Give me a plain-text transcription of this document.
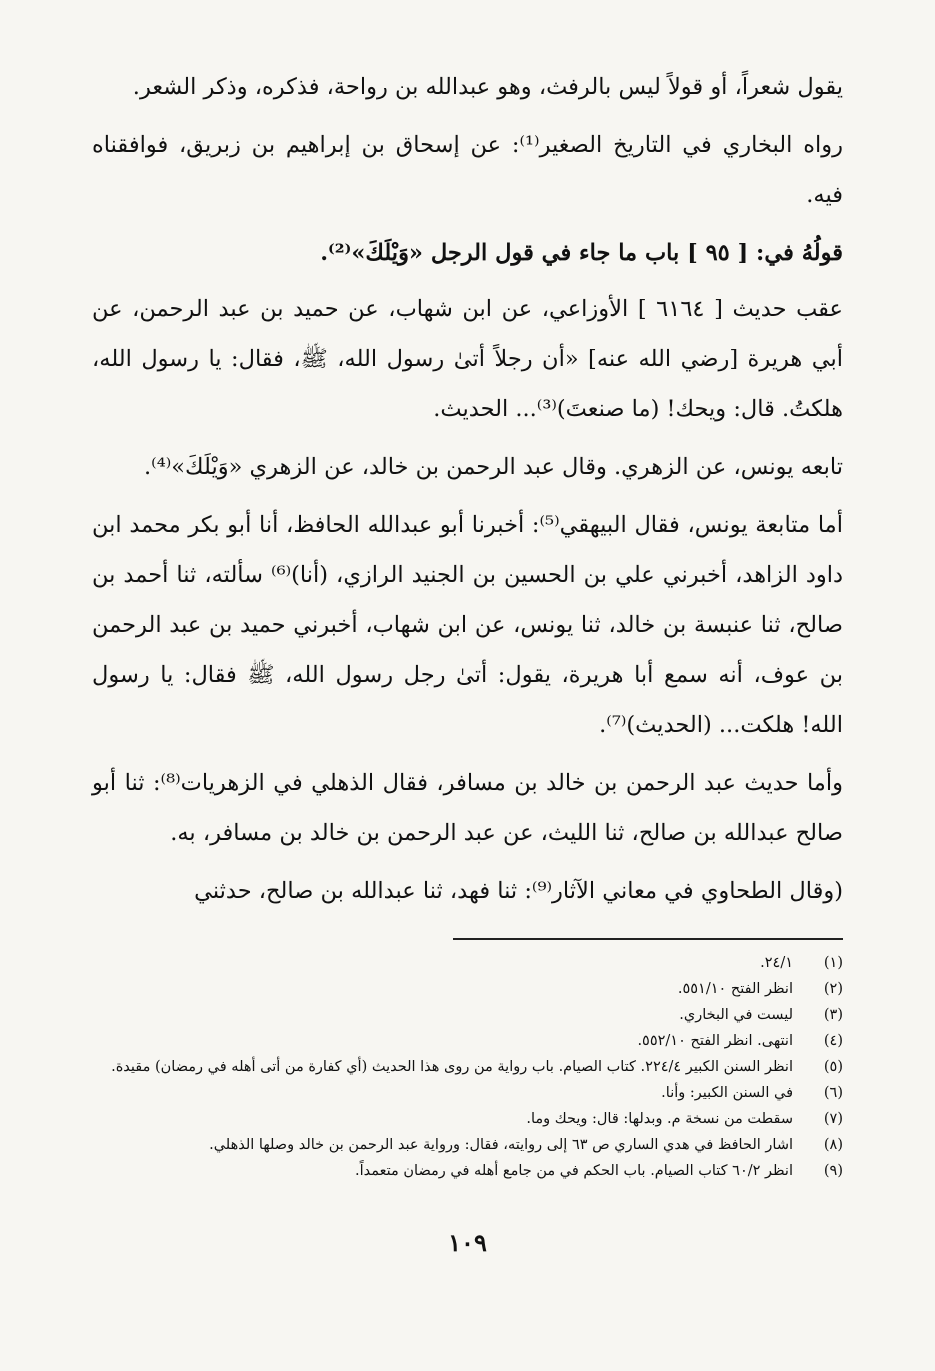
يقول شعراً، أو قولاً ليس بالرفث، وهو عبدالله بن رواحة، فذكره، وذكر الشعر.

رواه البخاري في التاريخ الصغير⁽¹⁾: عن إسحاق بن إبراهيم بن زبريق، فوافقناه فيه.

قولُهُ في: [ ٩٥ ] باب ما جاء في قول الرجل «وَيْلَكَ»⁽²⁾.

عقب حديث [ ٦١٦٤ ] الأوزاعي، عن ابن شهاب، عن حميد بن عبد الرحمن، عن أبي هريرة [رضي الله عنه] «أن رجلاً أتىٰ رسول الله، ﷺ، فقال: يا رسول الله، هلكتُ. قال: ويحك! (ما صنعتَ)⁽³⁾... الحديث.

تابعه يونس، عن الزهري. وقال عبد الرحمن بن خالد، عن الزهري «وَيْلَكَ»⁽⁴⁾.

أما متابعة يونس، فقال البيهقي⁽⁵⁾: أخبرنا أبو عبدالله الحافظ، أنا أبو بكر محمد ابن داود الزاهد، أخبرني علي بن الحسين بن الجنيد الرازي، (أنا)⁽⁶⁾ سألته، ثنا أحمد بن صالح، ثنا عنبسة بن خالد، ثنا يونس، عن ابن شهاب، أخبرني حميد بن عبد الرحمن بن عوف، أنه سمع أبا هريرة، يقول: أتىٰ رجل رسول الله، ﷺ فقال: يا رسول الله! هلكت... (الحديث)⁽⁷⁾.

وأما حديث عبد الرحمن بن خالد بن مسافر، فقال الذهلي في الزهريات⁽⁸⁾: ثنا أبو صالح عبدالله بن صالح، ثنا الليث، عن عبد الرحمن بن خالد بن مسافر، به.

(وقال الطحاوي في معاني الآثار⁽⁹⁾: ثنا فهد، ثنا عبدالله بن صالح، حدثني

(١)
٢٤/١.
(٢)
انظر الفتح ٥٥١/١٠.
(٣)
ليست في البخاري.
(٤)
انتهى. انظر الفتح ٥٥٢/١٠.
(٥)
انظر السنن الكبير ٢٢٤/٤. كتاب الصيام. باب رواية من روى هذا الحديث (أي كفارة من أتى أهله في رمضان) مقيدة.
(٦)
في السنن الكبير: وأنا.
(٧)
سقطت من نسخة م. وبدلها: قال: ويحك وما.
(٨)
اشار الحافظ في هدي الساري ص ٦٣ إلى روايته، فقال: ورواية عبد الرحمن بن خالد وصلها الذهلي.
(٩)
انظر ٦٠/٢ كتاب الصيام. باب الحكم في من جامع أهله في رمضان متعمداً.
١٠٩
